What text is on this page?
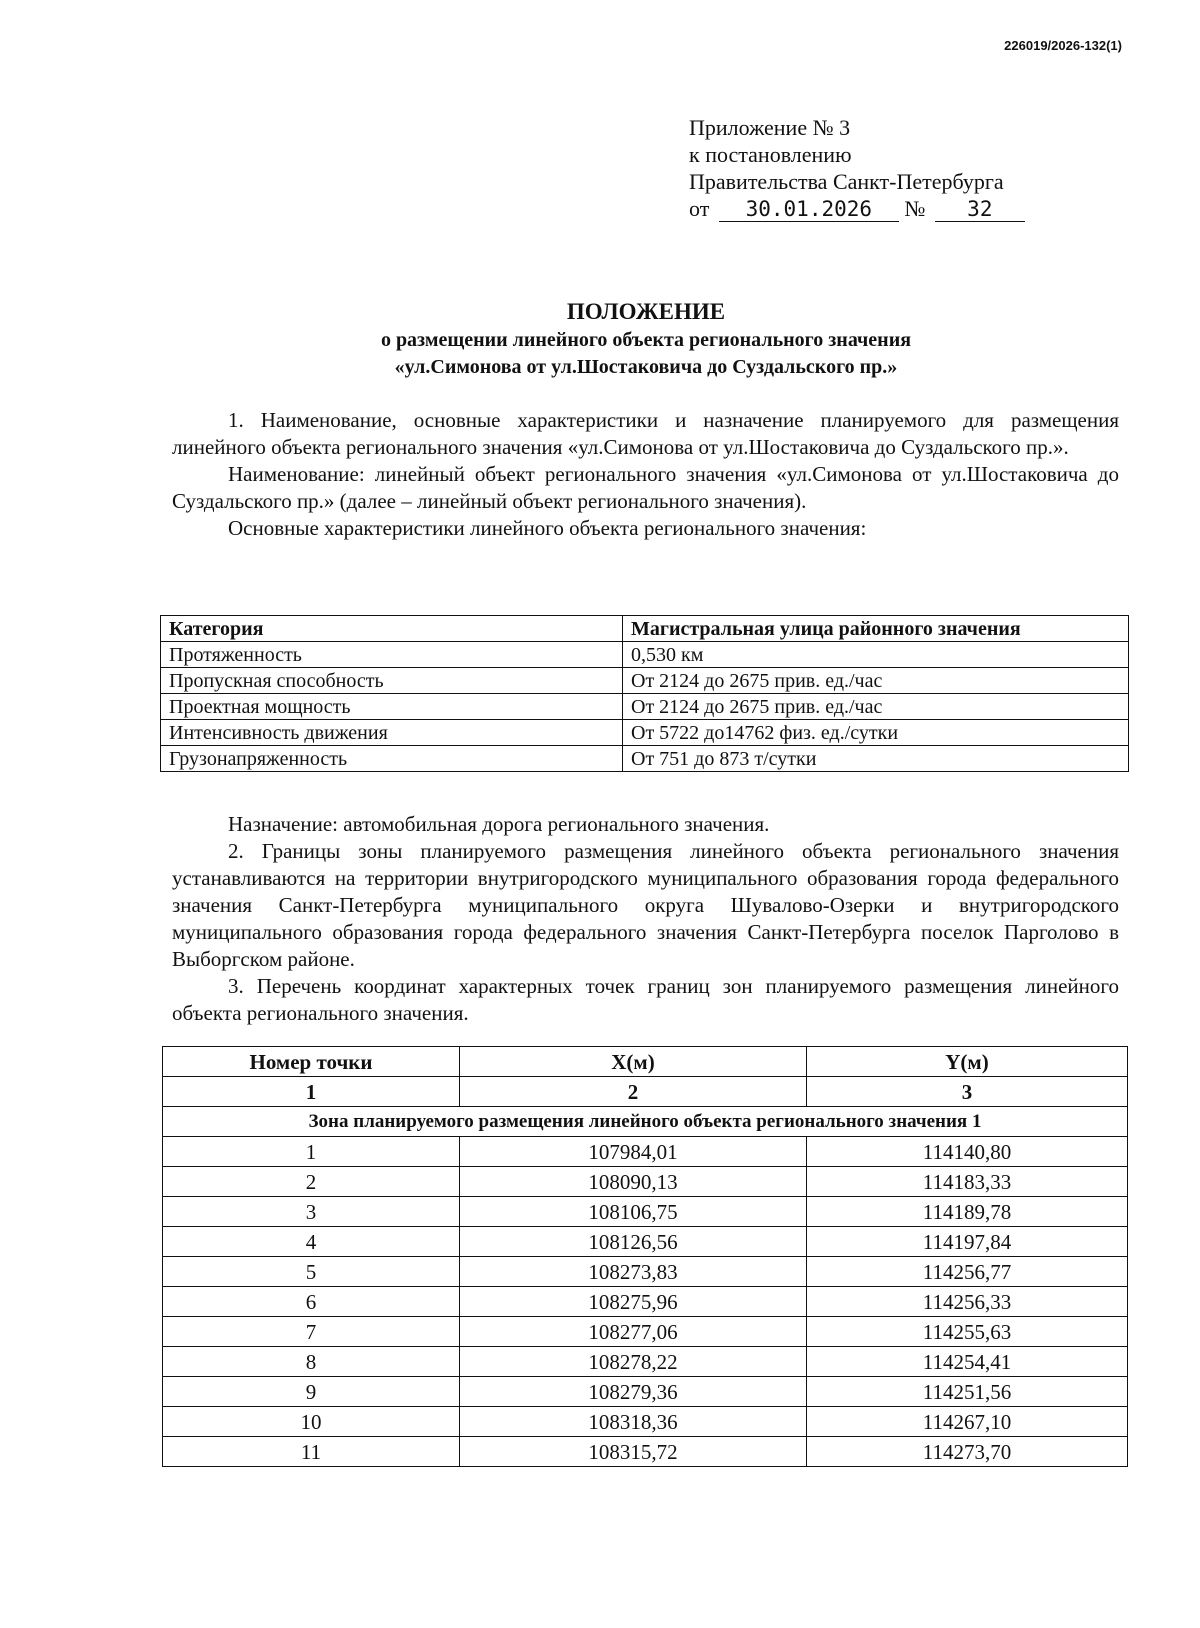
226019/2026-132(1)
Приложение № 3
к постановлению
Правительства Санкт-Петербурга
от 30.01.2026 № 32
ПОЛОЖЕНИЕ
о размещении линейного объекта регионального значения
«ул.Симонова от ул.Шостаковича до Суздальского пр.»

1. Наименование, основные характеристики и назначение планируемого для размещения линейного объекта регионального значения «ул.Симонова от ул.Шостаковича до Суздальского пр.».

Наименование: линейный объект регионального значения «ул.Симонова от ул.Шостаковича до Суздальского пр.» (далее – линейный объект регионального значения).

Основные характеристики линейного объекта регионального значения:

Категория	Магистральная улица районного значения
Протяженность	0,530 км
Пропускная способность	От 2124 до 2675 прив. ед./час
Проектная мощность	От 2124 до 2675 прив. ед./час
Интенсивность движения	От 5722 до14762 физ. ед./сутки
Грузонапряженность	От 751 до 873 т/сутки

Назначение: автомобильная дорога регионального значения.

2. Границы зоны планируемого размещения линейного объекта регионального значения устанавливаются на территории внутригородского муниципального образования города федерального значения Санкт-Петербурга муниципального округа Шувалово-Озерки и внутригородского муниципального образования города федерального значения Санкт-Петербурга поселок Парголово в Выборгском районе.

3. Перечень координат характерных точек границ зон планируемого размещения линейного объекта регионального значения.

Номер точки	X(м)	Y(м)
1	2	3
Зона планируемого размещения линейного объекта регионального значения 1		
1	107984,01	114140,80
2	108090,13	114183,33
3	108106,75	114189,78
4	108126,56	114197,84
5	108273,83	114256,77
6	108275,96	114256,33
7	108277,06	114255,63
8	108278,22	114254,41
9	108279,36	114251,56
10	108318,36	114267,10
11	108315,72	114273,70
